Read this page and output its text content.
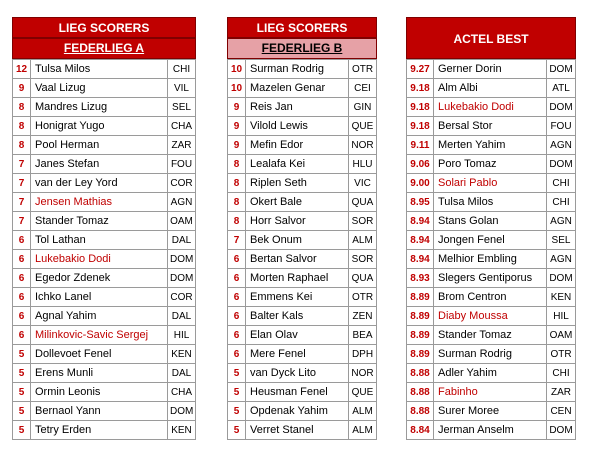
LIEG SCORERS
FEDERLIEG A
12	Tulsa Milos	CHI
9	Vaal Lizug	VIL
8	Mandres Lizug	SEL
8	Honigrat Yugo	CHA
8	Pool Herman	ZAR
7	Janes Stefan	FOU
7	van der Ley Yord	COR
7	Jensen Mathias	AGN
7	Stander Tomaz	OAM
6	Tol Lathan	DAL
6	Lukebakio Dodi	DOM
6	Egedor Zdenek	DOM
6	Ichko Lanel	COR
6	Agnal Yahim	DAL
6	Milinkovic-Savic Sergej	HIL
5	Dollevoet Fenel	KEN
5	Erens Munli	DAL
5	Ormin Leonis	CHA
5	Bernaol Yann	DOM
5	Tetry Erden	KEN
LIEG SCORERS
FEDERLIEG B
10	Surman Rodrig	OTR
10	Mazelen Genar	CEI
9	Reis Jan	GIN
9	Vilold Lewis	QUE
9	Mefin Edor	NOR
8	Lealafa Kei	HLU
8	Riplen Seth	VIC
8	Okert Bale	QUA
8	Horr Salvor	SOR
7	Bek Onum	ALM
6	Bertan Salvor	SOR
6	Morten Raphael	QUA
6	Emmens Kei	OTR
6	Balter Kals	ZEN
6	Elan Olav	BEA
6	Mere Fenel	DPH
5	van Dyck Lito	NOR
5	Heusman Fenel	QUE
5	Opdenak Yahim	ALM
5	Verret Stanel	ALM
ACTEL BEST
9.27	Gerner Dorin	DOM
9.18	Alm Albi	ATL
9.18	Lukebakio Dodi	DOM
9.18	Bersal Stor	FOU
9.11	Merten Yahim	AGN
9.06	Poro Tomaz	DOM
9.00	Solari Pablo	CHI
8.95	Tulsa Milos	CHI
8.94	Stans Golan	AGN
8.94	Jongen Fenel	SEL
8.94	Melhior Embling	AGN
8.93	Slegers Gentiporus	DOM
8.89	Brom Centron	KEN
8.89	Diaby Moussa	HIL
8.89	Stander Tomaz	OAM
8.89	Surman Rodrig	OTR
8.88	Adler Yahim	CHI
8.88	Fabinho	ZAR
8.88	Surer Moree	CEN
8.84	Jerman Anselm	DOM
